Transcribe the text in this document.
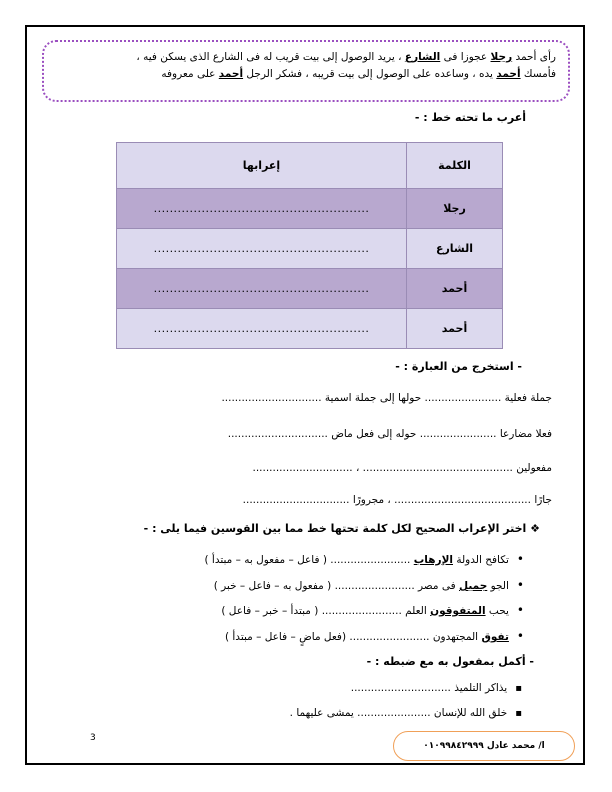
رأى أحمد رجلا عجوزا فى الشارع ، يريد الوصول إلى بيت قريب له فى الشارع الذى يسكن فيه ،
فأمسك أحمد يده ، وساعده على الوصول إلى بيت قريبه ، فشكر الرجل أحمد على معروفه
أعرب ما تحته خط : -
الكلمة	إعرابها
رجلا	......................................................
الشارع	......................................................
أحمد	......................................................
أحمد	......................................................
- استخرج من العبارة : -
جملة فعلية ....................... حولها إلى جملة اسمية ..............................
فعلا مضارعا ....................... حوله إلى فعل ماض ..............................
مفعولين ............................................. ، ..............................
جارًا ......................................... ، مجرورًا ................................
❖ اختر الإعراب الصحيح لكل كلمة تحتها خط مما بين القوسين فيما يلى : -
• تكافح الدولة الإرهاب ........................ ( فاعل – مفعول به – مبتدأ )
• الجو جميل فى مصر ........................ ( مفعول به – فاعل – خبر )
• يحب المتفوقون العلم ........................ ( مبتدأ – خبر – فاعل )
• تفوق المجتهدون ........................ (فعل ماضٍ – فاعل – مبتدأ )
- أكمل بمفعول به مع ضبطه : -
▪ يذاكر التلميذ ..............................
▪ خلق الله للإنسان ...................... يمشى عليهما .
3
ا/ محمد عادل ٠١٠٩٩٨٤٢٩٩٩
